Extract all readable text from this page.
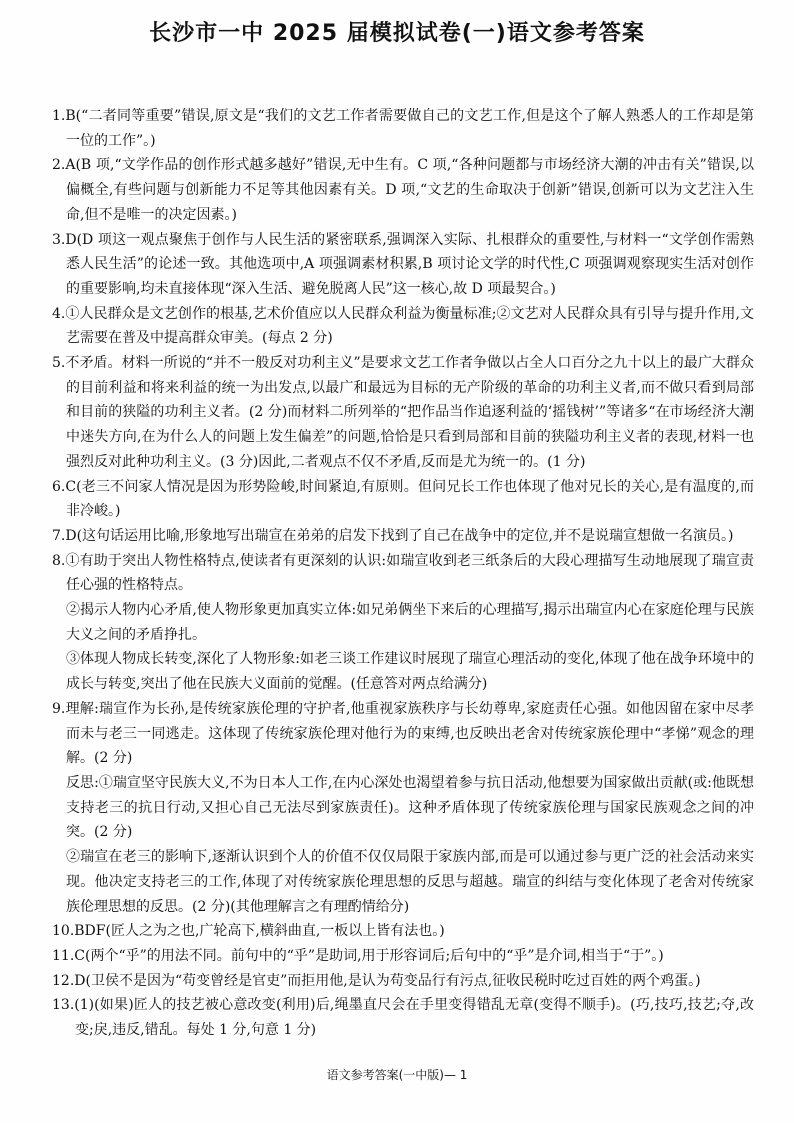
长沙市一中 2025 届模拟试卷(一)语文参考答案

1.B(“二者同等重要”错误,原文是“我们的文艺工作者需要做自己的文艺工作,但是这个了解人熟悉人的工作却是第一位的工作”。)

2.A(B 项,“文学作品的创作形式越多越好”错误,无中生有。C 项,“各种问题都与市场经济大潮的冲击有关”错误,以偏概全,有些问题与创新能力不足等其他因素有关。D 项,“文艺的生命取决于创新”错误,创新可以为文艺注入生命,但不是唯一的决定因素。)

3.D(D 项这一观点聚焦于创作与人民生活的紧密联系,强调深入实际、扎根群众的重要性,与材料一“文学创作需熟悉人民生活”的论述一致。其他选项中,A 项强调素材积累,B 项讨论文学的时代性,C 项强调观察现实生活对创作的重要影响,均未直接体现“深入生活、避免脱离人民”这一核心,故 D 项最契合。)

4.①人民群众是文艺创作的根基,艺术价值应以人民群众利益为衡量标准;②文艺对人民群众具有引导与提升作用,文艺需要在普及中提高群众审美。(每点 2 分)

5.不矛盾。材料一所说的“并不一般反对功利主义”是要求文艺工作者争做以占全人口百分之九十以上的最广大群众的目前利益和将来利益的统一为出发点,以最广和最远为目标的无产阶级的革命的功利主义者,而不做只看到局部和目前的狭隘的功利主义者。(2 分)而材料二所列举的“把作品当作追逐利益的‘摇钱树’”等诸多“在市场经济大潮中迷失方向,在为什么人的问题上发生偏差”的问题,恰恰是只看到局部和目前的狭隘功利主义者的表现,材料一也强烈反对此种功利主义。(3 分)因此,二者观点不仅不矛盾,反而是尤为统一的。(1 分)

6.C(老三不问家人情况是因为形势险峻,时间紧迫,有原则。但问兄长工作也体现了他对兄长的关心,是有温度的,而非冷峻。)

7.D(这句话运用比喻,形象地写出瑞宣在弟弟的启发下找到了自己在战争中的定位,并不是说瑞宣想做一名演员。)

8.①有助于突出人物性格特点,使读者有更深刻的认识:如瑞宣收到老三纸条后的大段心理描写生动地展现了瑞宣责任心强的性格特点。

②揭示人物内心矛盾,使人物形象更加真实立体:如兄弟俩坐下来后的心理描写,揭示出瑞宣内心在家庭伦理与民族大义之间的矛盾挣扎。

③体现人物成长转变,深化了人物形象:如老三谈工作建议时展现了瑞宣心理活动的变化,体现了他在战争环境中的成长与转变,突出了他在民族大义面前的觉醒。(任意答对两点给满分)

9.理解:瑞宣作为长孙,是传统家族伦理的守护者,他重视家族秩序与长幼尊卑,家庭责任心强。如他因留在家中尽孝而未与老三一同逃走。这体现了传统家族伦理对他行为的束缚,也反映出老舍对传统家族伦理中“孝悌”观念的理解。(2 分)

反思:①瑞宣坚守民族大义,不为日本人工作,在内心深处也渴望着参与抗日活动,他想要为国家做出贡献(或:他既想支持老三的抗日行动,又担心自己无法尽到家族责任)。这种矛盾体现了传统家族伦理与国家民族观念之间的冲突。(2 分)

②瑞宣在老三的影响下,逐渐认识到个人的价值不仅仅局限于家族内部,而是可以通过参与更广泛的社会活动来实现。他决定支持老三的工作,体现了对传统家族伦理思想的反思与超越。瑞宣的纠结与变化体现了老舍对传统家族伦理思想的反思。(2 分)(其他理解言之有理酌情给分)

10.BDF(匠人之为之也,广轮高下,横斜曲直,一板以上皆有法也。)

11.C(两个“乎”的用法不同。前句中的“乎”是助词,用于形容词后;后句中的“乎”是介词,相当于“于”。)

12.D(卫侯不是因为“苟变曾经是官吏”而拒用他,是认为苟变品行有污点,征收民税时吃过百姓的两个鸡蛋。)

13.(1)(如果)匠人的技艺被心意改变(利用)后,绳墨直尺会在手里变得错乱无章(变得不顺手)。(巧,技巧,技艺;夺,改变;戾,违反,错乱。每处 1 分,句意 1 分)

语文参考答案(一中版)— 1
